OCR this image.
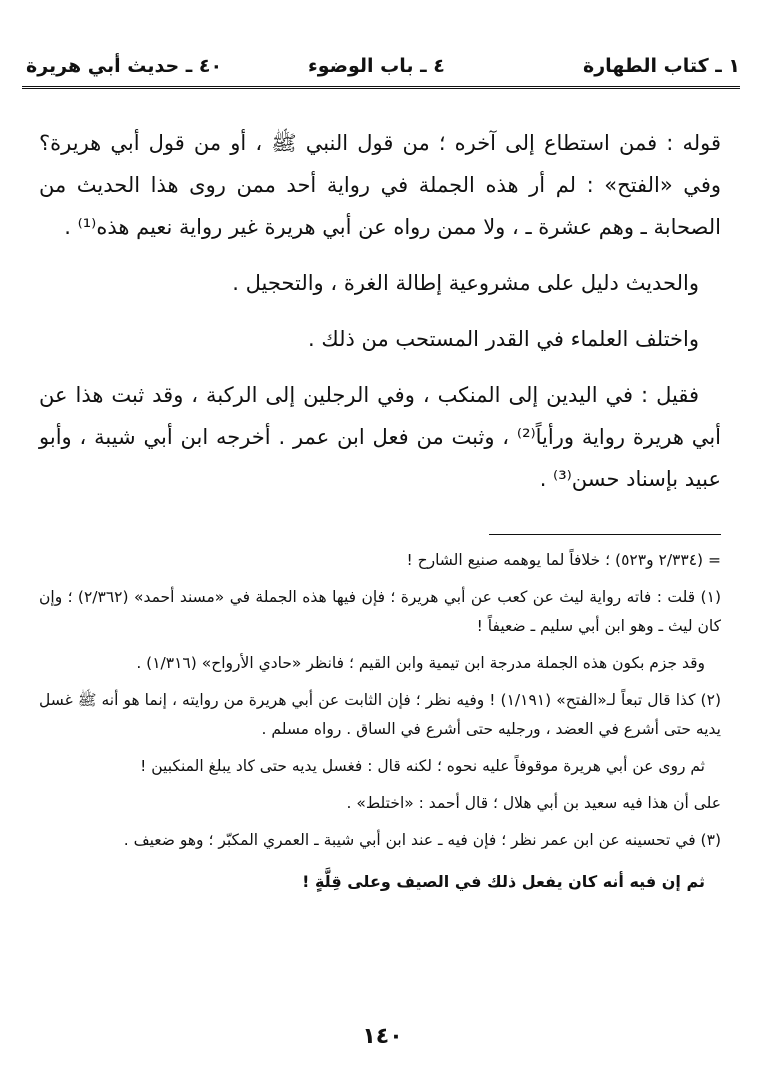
١ ـ كتاب الطهارة
٤ ـ باب الوضوء
٤٠ ـ حديث أبي هريرة

قوله : فمن استطاع إلى آخره ؛ من قول النبي ﷺ ، أو من قول أبي هريرة؟ وفي «الفتح» : لم أر هذه الجملة في رواية أحد ممن روى هذا الحديث من الصحابة ـ وهم عشرة ـ ، ولا ممن رواه عن أبي هريرة غير رواية نعيم هذه⁽¹⁾ .

والحديث دليل على مشروعية إطالة الغرة ، والتحجيل .

واختلف العلماء في القدر المستحب من ذلك .

فقيل : في اليدين إلى المنكب ، وفي الرجلين إلى الركبة ، وقد ثبت هذا عن أبي هريرة رواية ورأياً⁽²⁾ ، وثبت من فعل ابن عمر . أخرجه ابن أبي شيبة ، وأبو عبيد بإسناد حسن⁽³⁾ .

= (٢/٣٣٤ و٥٢٣) ؛ خلافاً لما يوهمه صنيع الشارح !

(١) قلت : فاته رواية ليث عن كعب عن أبي هريرة ؛ فإن فيها هذه الجملة في «مسند أحمد» (٢/٣٦٢) ؛ وإن كان ليث ـ وهو ابن أبي سليم ـ ضعيفاً !

وقد جزم بكون هذه الجملة مدرجة ابن تيمية وابن القيم ؛ فانظر «حادي الأرواح» (١/٣١٦) .

(٢) كذا قال تبعاً لـ«الفتح» (١/١٩١) ! وفيه نظر ؛ فإن الثابت عن أبي هريرة من روايته ، إنما هو أنه ﷺ غسل يديه حتى أشرع في العضد ، ورجليه حتى أشرع في الساق . رواه مسلم .

ثم روى عن أبي هريرة موقوفاً عليه نحوه ؛ لكنه قال : فغسل يديه حتى كاد يبلغ المنكبين !

على أن هذا فيه سعيد بن أبي هلال ؛ قال أحمد : «اختلط» .

(٣) في تحسينه عن ابن عمر نظر ؛ فإن فيه ـ عند ابن أبي شيبة ـ العمري المكبّر ؛ وهو ضعيف .

ثم إن فيه أنه كان يفعل ذلك في الصيف وعلى قِلَّةٍ !

١٤٠
